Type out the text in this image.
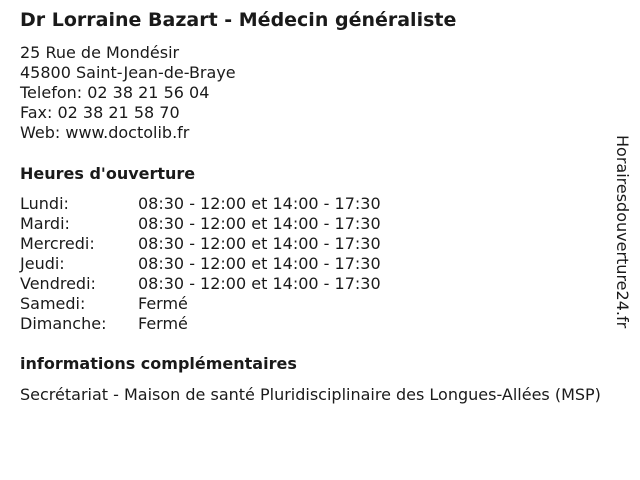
Dr Lorraine Bazart - Médecin généraliste
25 Rue de Mondésir
45800 Saint-Jean-de-Braye
Telefon: 02 38 21 56 04
Fax: 02 38 21 58 70
Web: www.doctolib.fr
Heures d'ouverture
Lundi:	08:30 - 12:00 et 14:00 - 17:30
Mardi:	08:30 - 12:00 et 14:00 - 17:30
Mercredi:	08:30 - 12:00 et 14:00 - 17:30
Jeudi:	08:30 - 12:00 et 14:00 - 17:30
Vendredi:	08:30 - 12:00 et 14:00 - 17:30
Samedi:	Fermé
Dimanche:	Fermé
informations complémentaires
Secrétariat - Maison de santé Pluridisciplinaire des Longues-Allées (MSP)
Horairesdouverture24.fr
